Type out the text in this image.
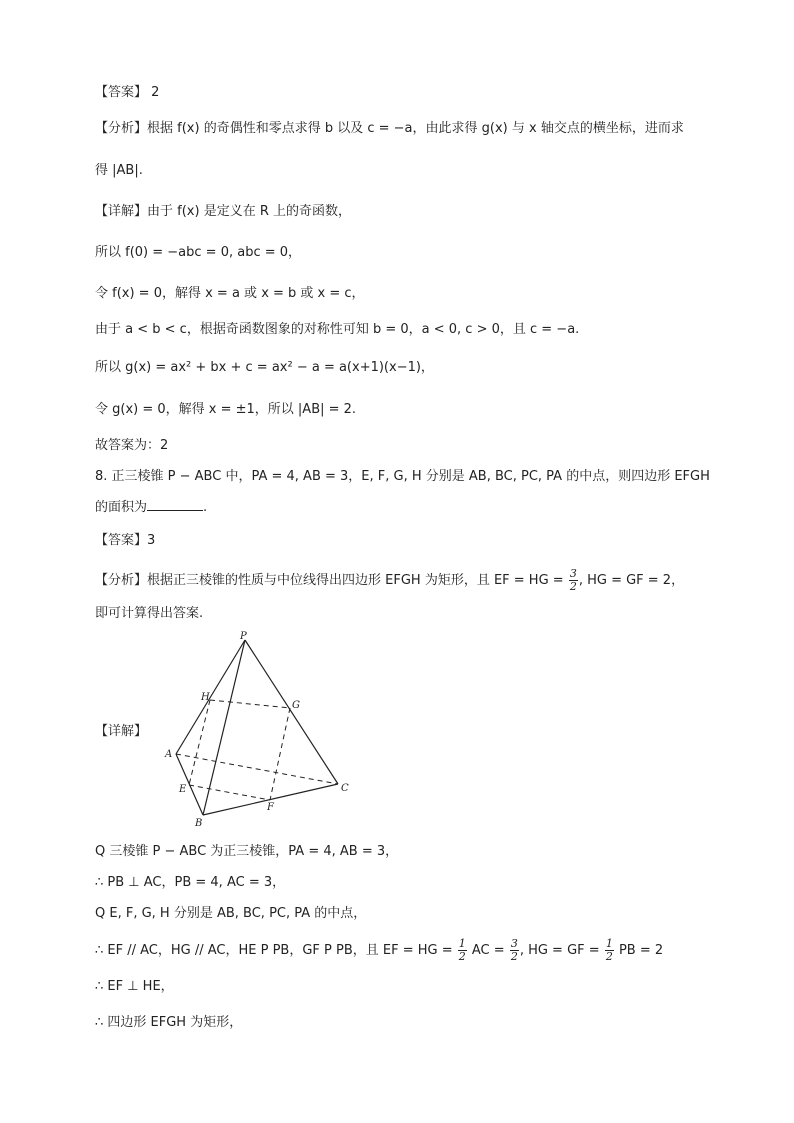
【答案】 2
【分析】根据 f(x) 的奇偶性和零点求得 b 以及 c = −a，由此求得 g(x) 与 x 轴交点的横坐标，进而求
得 |AB|.
【详解】由于 f(x) 是定义在 R 上的奇函数，
所以 f(0) = −abc = 0, abc = 0，
令 f(x) = 0，解得 x = a 或 x = b 或 x = c，
由于 a < b < c，根据奇函数图象的对称性可知 b = 0，a < 0, c > 0，且 c = −a.
所以 g(x) = ax² + bx + c = ax² − a = a(x+1)(x−1)，
令 g(x) = 0，解得 x = ±1，所以 |AB| = 2.
故答案为：2
8. 正三棱锥 P − ABC 中，PA = 4, AB = 3，E, F, G, H 分别是 AB, BC, PC, PA 的中点，则四边形 EFGH
的面积为	.
【答案】3
【分析】根据正三棱锥的性质与中位线得出四边形 EFGH 为矩形，且 EF = HG = $\frac{3}{2}$ , HG = GF = 2，
即可计算得出答案.
【详解】
P
H
G
A
E
F
B
C
Q 三棱锥 P − ABC 为正三棱锥，PA = 4, AB = 3，
∴ PB ⊥ AC，PB = 4, AC = 3，
Q E, F, G, H 分别是 AB, BC, PC, PA 的中点，
∴ EF // AC，HG // AC，HE P PB，GF P PB，且 EF = HG = $\frac{1}{2}$ AC = $\frac{3}{2}$ , HG = GF = $\frac{1}{2}$ PB = 2
∴ EF ⊥ HE，
∴ 四边形 EFGH 为矩形，
